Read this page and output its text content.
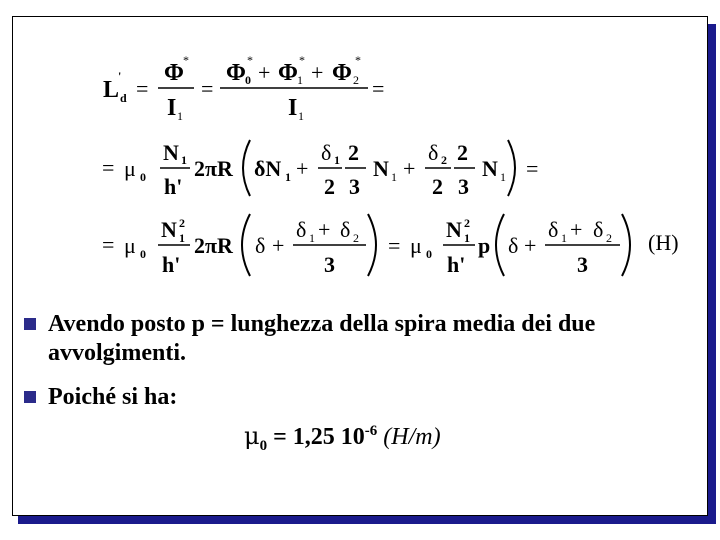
L
'
d =
Φ *
I 1
=
Φ 0
* + Φ 1
* + Φ 2
*
I 1
=
= μ 0
N 1
h'
2πR δN 1 +
δ 1
2
2
3
N 1 +
δ 2
2
2
3
N 1 =
= μ 0
N 2
1
h'
2πR δ +
δ 1 + δ 2
3
= μ 0
N 2
1
h'
p δ +
δ 1 + δ 2
3
(H)
Avendo posto p = lunghezza della spira media dei due avvolgimenti.
Poiché si ha:
$\mu_0 = 1,25$ $10^{-6}$ (H/m)
